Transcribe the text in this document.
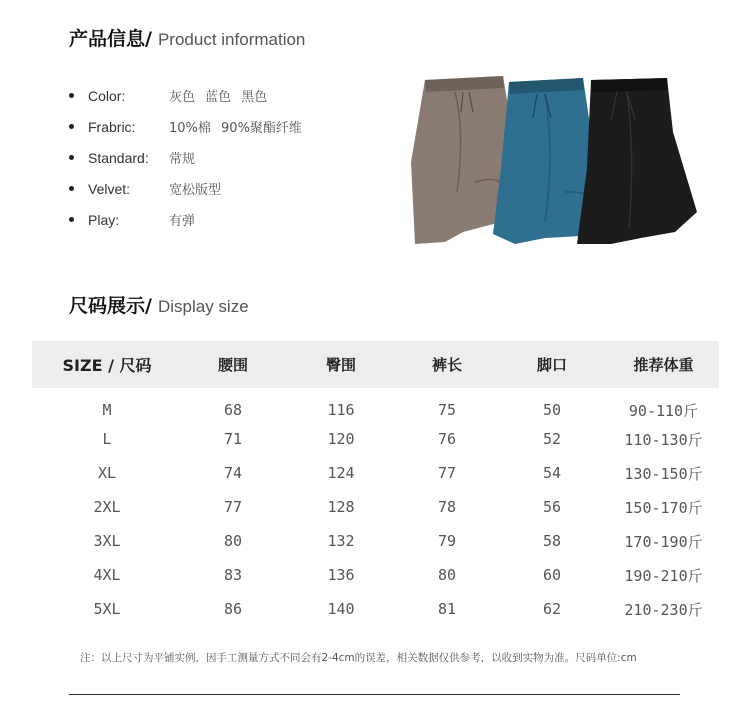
产品信息 / Product information
Color:	灰色 蓝色 黑色
Frabric:	10%棉 90%聚酯纤维
Standard:	常规
Velvet:	宽松版型
Play:	有弹
尺码展示 / Display size
SIZE / 尺码	腰围	臀围	裤长	脚口	推荐体重
M	68	116	75	50	90-110斤
L	71	120	76	52	110-130斤
XL	74	124	77	54	130-150斤
2XL	77	128	78	56	150-170斤
3XL	80	132	79	58	170-190斤
4XL	83	136	80	60	190-210斤
5XL	86	140	81	62	210-230斤
注：以上尺寸为平铺实例，因手工测量方式不同会有2-4cm的误差，相关数据仅供参考，以收到实物为准。尺码单位:cm
